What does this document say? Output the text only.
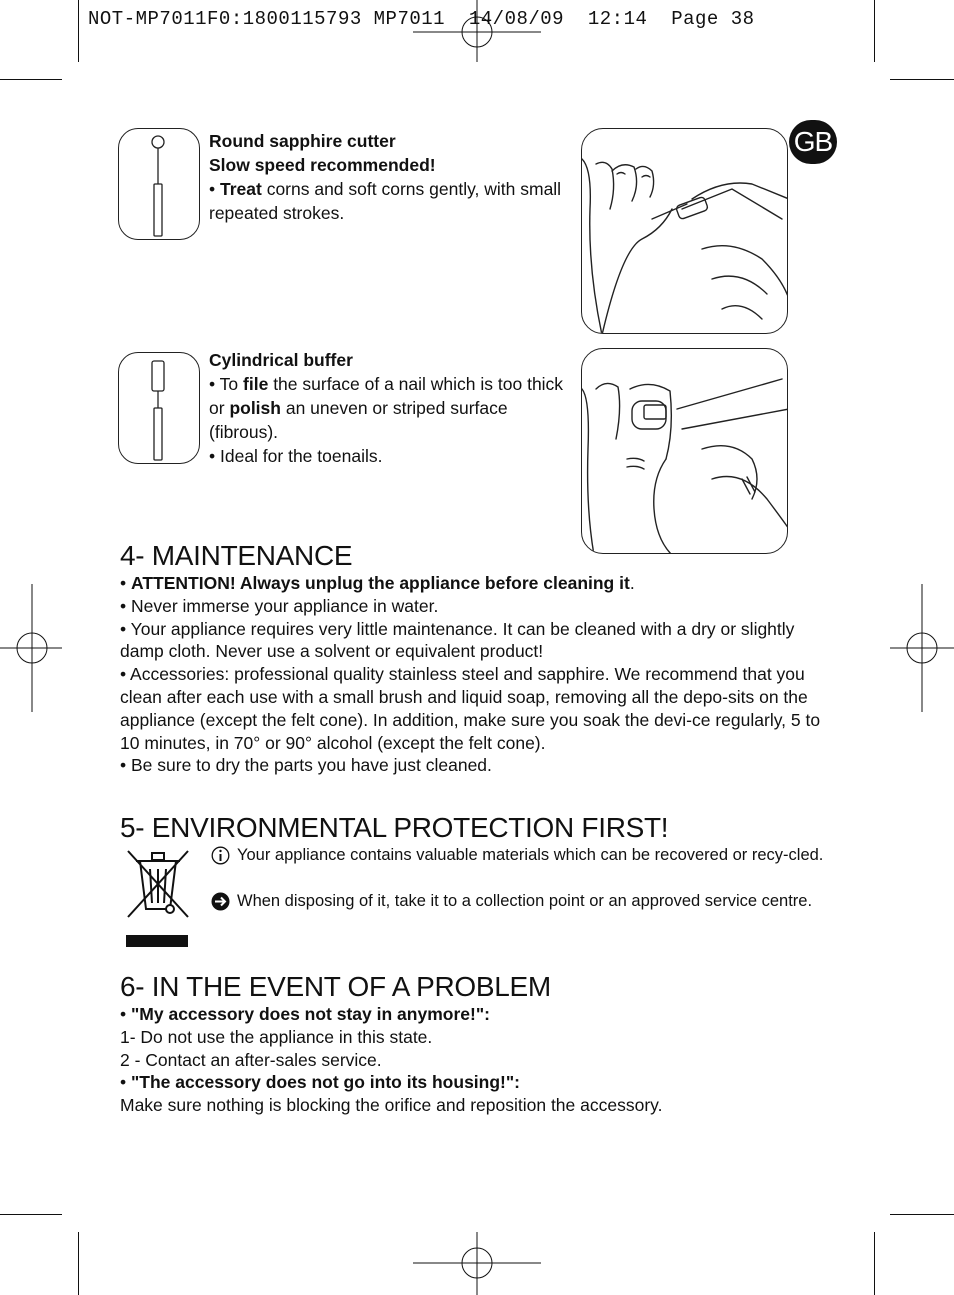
NOT-MP7011F0:1800115793 MP7011  14/08/09  12:14  Page 38
GB
Round sapphire cutter
Slow speed recommended!
• Treat corns and soft corns gently, with small repeated strokes.
Cylindrical buffer
• To file the surface of a nail which is too thick or polish an uneven or striped surface (fibrous).
• Ideal for the toenails.
4- MAINTENANCE

• ATTENTION! Always unplug the appliance before cleaning it.

• Never immerse your appliance in water.

• Your appliance requires very little maintenance. It can be cleaned with a dry or slightly damp cloth. Never use a solvent or equivalent product!

• Accessories: professional quality stainless steel and sapphire. We recommend that you clean after each use with a small brush and liquid soap, removing all the depo-sits on the appliance (except the felt cone). In addition, make sure you soak the devi-ce regularly, 5 to 10 minutes, in 70° or 90° alcohol (except the felt cone).

• Be sure to dry the parts you have just cleaned.

5- ENVIRONMENTAL PROTECTION FIRST!
Your appliance contains valuable materials which can be recovered or recy-cled.
When disposing of it, take it to a collection point or an approved service centre.
6- IN THE EVENT OF A PROBLEM

• "My accessory does not stay in anymore!":

1- Do not use the appliance in this state.

2 - Contact an after-sales service.

• "The accessory does not go into its housing!":

Make sure nothing is blocking the orifice and reposition the accessory.
